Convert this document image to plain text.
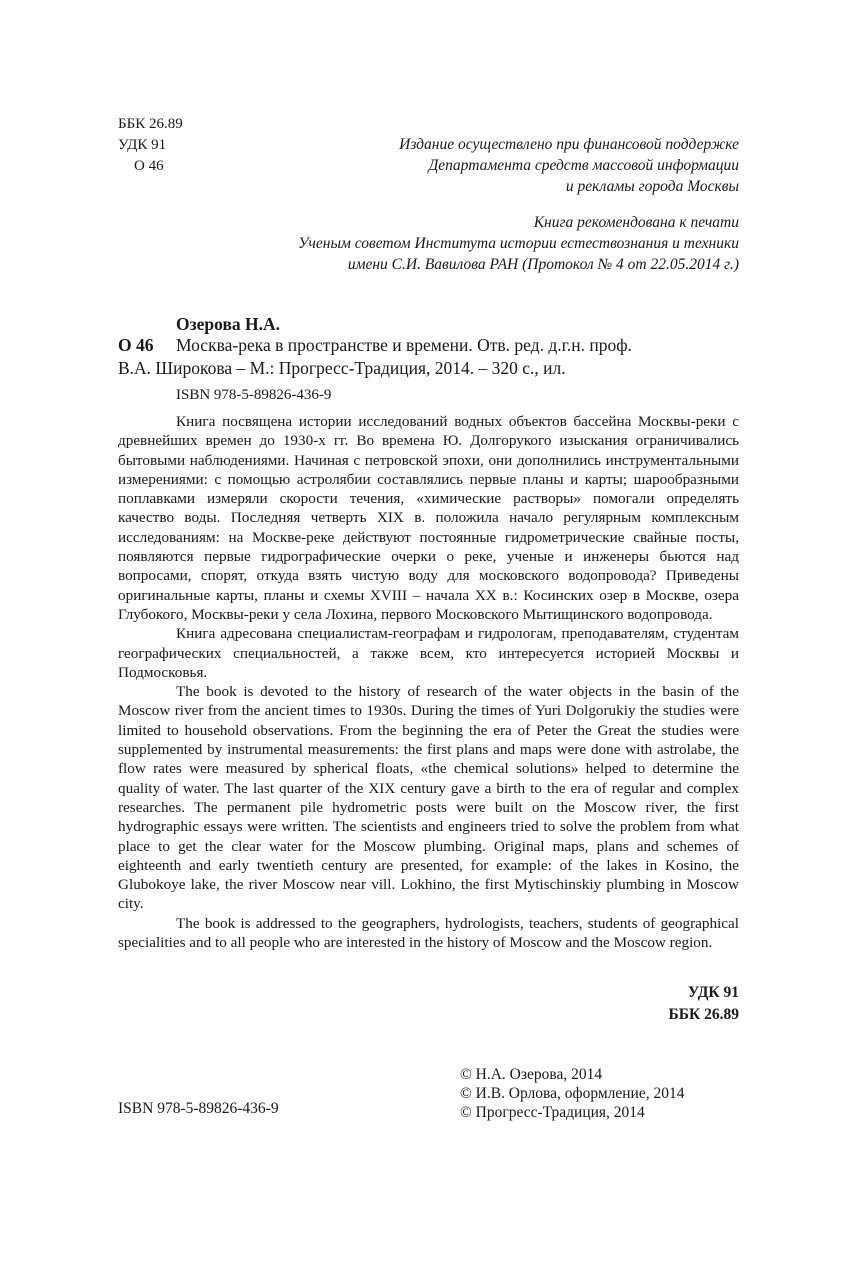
ББК 26.89
УДК 91
О 46
Издание осуществлено при финансовой поддержке
Департамента средств массовой информации
и рекламы города Москвы
Книга рекомендована к печати
Ученым советом Института истории естествознания и техники
имени С.И. Вавилова РАН (Протокол № 4 от 22.05.2014 г.)
Озерова Н.А.
О 46 Москва-река в пространстве и времени. Отв. ред. д.г.н. проф.
В.А. Широкова – М.: Прогресс-Традиция, 2014. – 320 с., ил.
ISBN 978-5-89826-436-9

Книга посвящена истории исследований водных объектов бассейна Москвы-реки с древнейших времен до 1930-х гг. Во времена Ю. Долгорукого изыскания ограничивались бытовыми наблюдениями. Начиная с петровской эпохи, они дополнились инструментальными измерениями: с помощью астролябии составлялись первые планы и карты; шарообразными поплавками измеряли скорости течения, «химические растворы» помогали определять качество воды. Последняя четверть XIX в. положила начало регулярным комплексным исследованиям: на Москве-реке действуют постоянные гидрометрические свайные посты, появляются первые гидрографические очерки о реке, ученые и инженеры бьются над вопросами, спорят, откуда взять чистую воду для московского водопровода? Приведены оригинальные карты, планы и схемы XVIII – начала XX в.: Косинских озер в Москве, озера Глубокого, Москвы-реки у села Лохина, первого Московского Мытищинского водопровода.

Книга адресована специалистам-географам и гидрологам, преподавателям, студентам географических специальностей, а также всем, кто интересуется историей Москвы и Подмосковья.

The book is devoted to the history of research of the water objects in the basin of the Moscow river from the ancient times to 1930s. During the times of Yuri Dolgorukiy the studies were limited to household observations. From the beginning the era of Peter the Great the studies were supplemented by instrumental measurements: the first plans and maps were done with astrolabe, the flow rates were measured by spherical floats, «the chemical solutions» helped to determine the quality of water. The last quarter of the XIX century gave a birth to the era of regular and complex researches. The permanent pile hydrometric posts were built on the Moscow river, the first hydrographic essays were written. The scientists and engineers tried to solve the problem from what place to get the clear water for the Moscow plumbing. Original maps, plans and schemes of eighteenth and early twentieth century are presented, for example: of the lakes in Kosino, the Glubokoye lake, the river Moscow near vill. Lokhino, the first Mytischinskiy plumbing in Moscow city.

The book is addressed to the geographers, hydrologists, teachers, students of geographical specialities and to all people who are interested in the history of Moscow and the Moscow region.

УДК 91
ББК 26.89
© Н.А. Озерова, 2014
© И.В. Орлова, оформление, 2014
© Прогресс-Традиция, 2014
ISBN 978-5-89826-436-9
